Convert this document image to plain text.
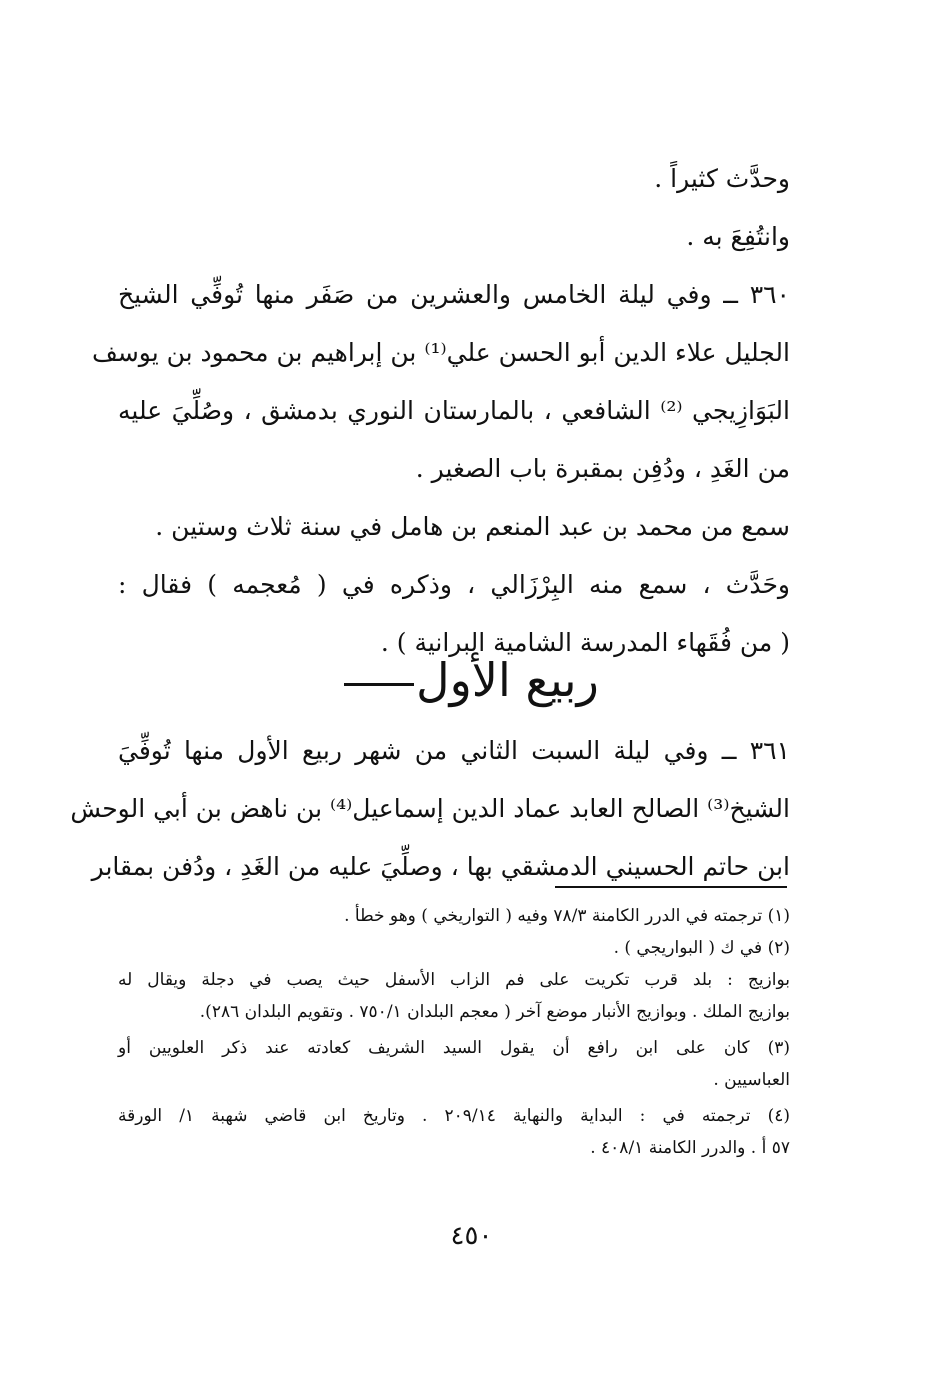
وحدَّث كثيراً .
وانتُفِعَ به .
٣٦٠ ــ وفي ليلة الخامس والعشرين من صَفَر منها تُوفِّي الشيخ
الجليل علاء الدين أبو الحسن علي⁽¹⁾ بن إبراهيم بن محمود بن يوسف
البَوَازِيجي ⁽²⁾ الشافعي ، بالمارستان النوري بدمشق ، وصُلِّيَ عليه
من الغَدِ ، ودُفِن بمقبرة باب الصغير .
سمع من محمد بن عبد المنعم بن هامل في سنة ثلاث وستين .
وحَدَّث ، سمع منه البِرْزَالي ، وذكره في ( مُعجمه ) فقال :
( من فُقَهاء المدرسة الشامية البرانية ) .
ربيع الأول
٣٦١ ــ وفي ليلة السبت الثاني من شهر ربيع الأول منها تُوفِّيَ
الشيخ⁽³⁾ الصالح العابد عماد الدين إسماعيل⁽⁴⁾ بن ناهض بن أبي الوحش
ابن حاتم الحسيني الدمشقي بها ، وصلِّيَ عليه من الغَدِ ، ودُفن بمقابر
(١) ترجمته في الدرر الكامنة ٧٨/٣ وفيه ( التواريخي ) وهو خطأ .
(٢) في ك ( البواريجي ) .
بوازيج : بلد قرب تكريت على فم الزاب الأسفل حيث يصب في دجلة ويقال له
بوازيج الملك . وبوازيج الأنبار موضع آخر ( معجم البلدان ٧٥٠/١ . وتقويم البلدان ٢٨٦).
(٣) كان على ابن رافع أن يقول السيد الشريف كعادته عند ذكر العلويين أو
العباسيين .
(٤) ترجمته في : البداية والنهاية ٢٠٩/١٤ . وتاريخ ابن قاضي شهبة ١/ الورقة
٥٧ أ . والدرر الكامنة ٤٠٨/١ .
٤٥٠
